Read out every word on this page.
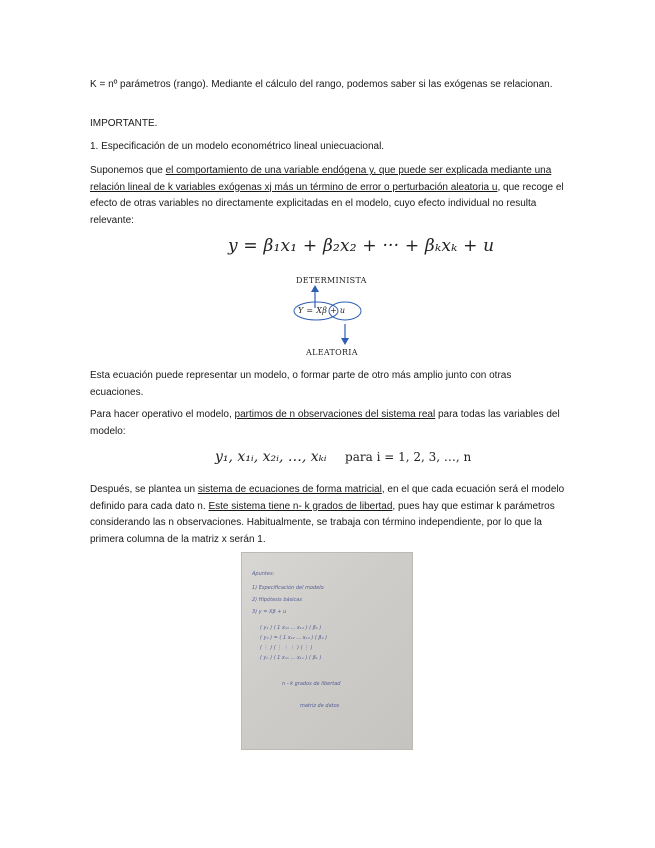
K = nº parámetros (rango). Mediante el cálculo del rango, podemos saber si las exógenas se relacionan.

IMPORTANTE.

1. Especificación de un modelo econométrico lineal uniecuacional.

Suponemos que el comportamiento de una variable endógena y, que puede ser explicada mediante una relación lineal de k variables exógenas xj más un término de error o perturbación aleatoria u, que recoge el efecto de otras variables no directamente explicitadas en el modelo, cuyo efecto individual no resulta relevante:

y = β₁x₁ + β₂x₂ + ··· + βₖxₖ + u
DETERMINISTA
Y = Xβ + u
ALEATORIA

Esta ecuación puede representar un modelo, o formar parte de otro más amplio junto con otras ecuaciones.

Para hacer operativo el modelo, partimos de n observaciones del sistema real para todas las variables del modelo:

y₁, x₁ᵢ, x₂ᵢ, …, xₖᵢ para i = 1, 2, 3, …, n

Después, se plantea un sistema de ecuaciones de forma matricial, en el que cada ecuación será el modelo definido para cada dato n. Este sistema tiene n- k grados de libertad, pues hay que estimar k parámetros considerando las n observaciones. Habitualmente, se trabaja con término independiente, por lo que la primera columna de la matriz x serán 1.

Apuntes:
1) Especificación del modelo
2) Hipótesis básicas
3) y = Xβ + u
( y₁ ) ( 1 x₁₁ ... xₖ₁ ) ( β₁ )
( y₂ ) = ( 1 x₁₂ ... xₖ₂ ) ( β₂ )
( ⋮ ) ( ⋮ ⋮ ⋮ ) ( ⋮ )
( yₙ ) ( 1 x₁ₙ ... xₖₙ ) ( βₖ )
n - k grados de libertad
matriz de datos
